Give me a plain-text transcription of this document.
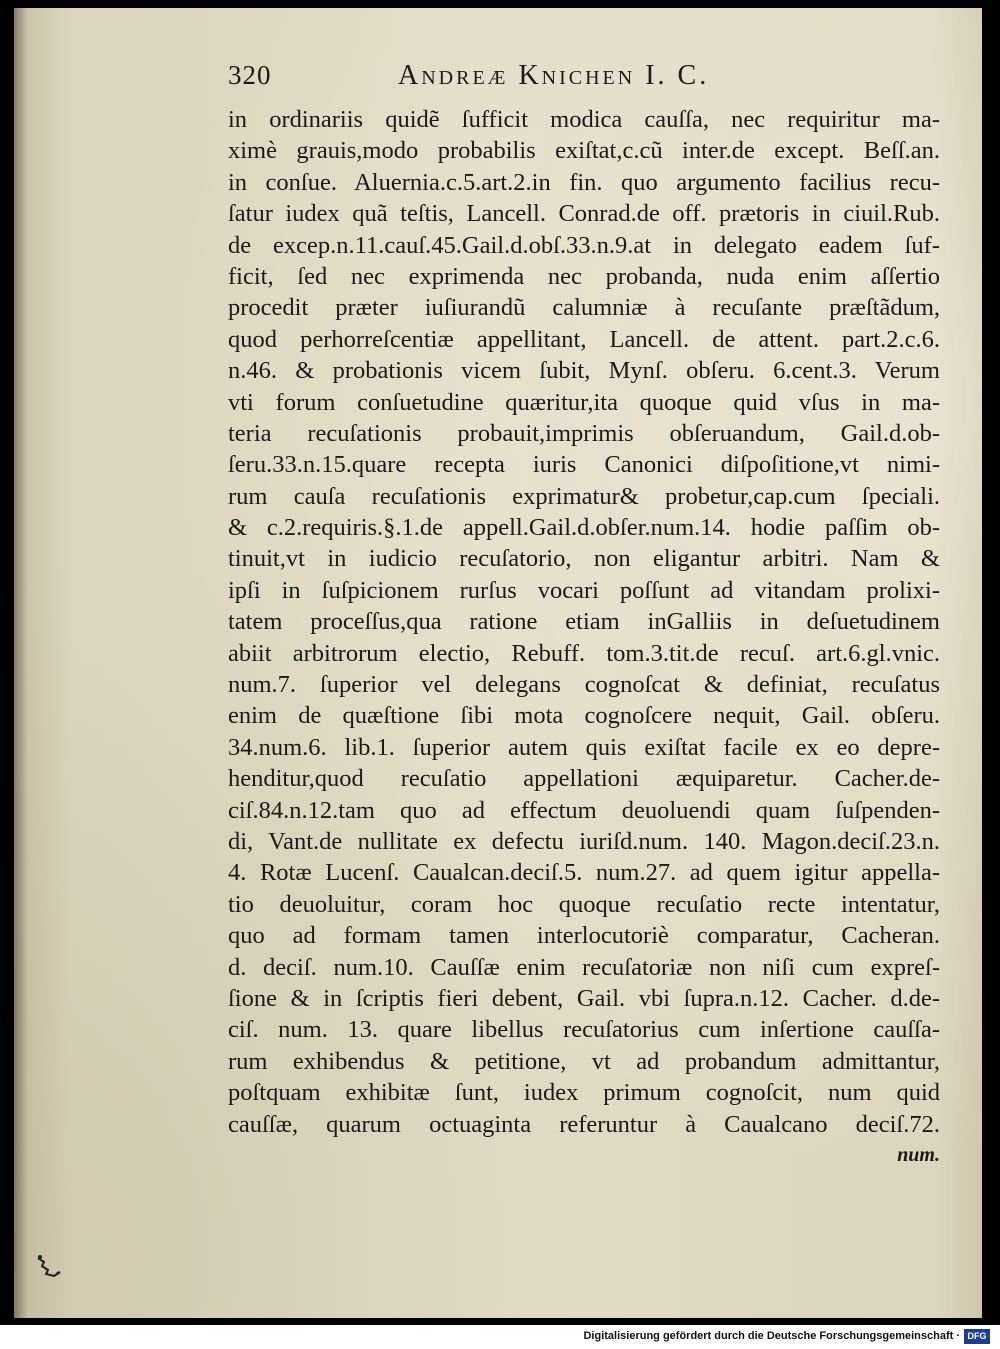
320	Andreæ Knichen I. C.
in ordinariis quidẽ ſufficit modica cauſſa, nec requiritur ma-
ximè grauis,modo probabilis exiſtat,c.cũ inter.de except. Beſſ.an.
in conſue. Aluernia.c.5.art.2.in fin. quo argumento facilius recu-
ſatur iudex quã teſtis, Lancell. Conrad.de off. prætoris in ciuil.Rub.
de excep.n.11.cauſ.45.Gail.d.obſ.33.n.9.at in delegato eadem ſuf-
ficit, ſed nec exprimenda nec probanda, nuda enim aſſertio
procedit præter iuſiurandũ calumniæ à recuſante præſtãdum,
quod perhorreſcentiæ appellitant, Lancell. de attent. part.2.c.6.
n.46. & probationis vicem ſubit, Mynſ. obſeru. 6.cent.3. Verum
vti forum conſuetudine quæritur,ita quoque quid vſus in ma-
teria recuſationis probauit,imprimis obſeruandum, Gail.d.ob-
ſeru.33.n.15.quare recepta iuris Canonici diſpoſitione,vt nimi-
rum cauſa recuſationis exprimatur& probetur,cap.cum ſpeciali.
& c.2.requiris.§.1.de appell.Gail.d.obſer.num.14. hodie paſſim ob-
tinuit,vt in iudicio recuſatorio, non eligantur arbitri. Nam &
ipſi in ſuſpicionem rurſus vocari poſſunt ad vitandam prolixi-
tatem proceſſus,qua ratione etiam inGalliis in deſuetudinem
abiit arbitrorum electio, Rebuff. tom.3.tit.de recuſ. art.6.gl.vnic.
num.7. ſuperior vel delegans cognoſcat & definiat, recuſatus
enim de quæſtione ſibi mota cognoſcere nequit, Gail. obſeru.
34.num.6. lib.1. ſuperior autem quis exiſtat facile ex eo depre-
henditur,quod recuſatio appellationi æquiparetur. Cacher.de-
ciſ.84.n.12.tam quo ad effectum deuoluendi quam ſuſpenden-
di, Vant.de nullitate ex defectu iuriſd.num. 140. Magon.deciſ.23.n.
4. Rotæ Lucenſ. Caualcan.deciſ.5. num.27. ad quem igitur appella-
tio deuoluitur, coram hoc quoque recuſatio recte intentatur,
quo ad formam tamen interlocutoriè comparatur, Cacheran.
d. deciſ. num.10. Cauſſæ enim recuſatoriæ non niſi cum expreſ-
ſione & in ſcriptis fieri debent, Gail. vbi ſupra.n.12. Cacher. d.de-
ciſ. num. 13. quare libellus recuſatorius cum inſertione cauſſa-
rum exhibendus & petitione, vt ad probandum admittantur,
poſtquam exhibitæ ſunt, iudex primum cognoſcit, num quid
cauſſæ, quarum octuaginta referuntur à Caualcano deciſ.72.
num.
Digitalisierung gefördert durch die Deutsche Forschungsgemeinschaft · DFG
